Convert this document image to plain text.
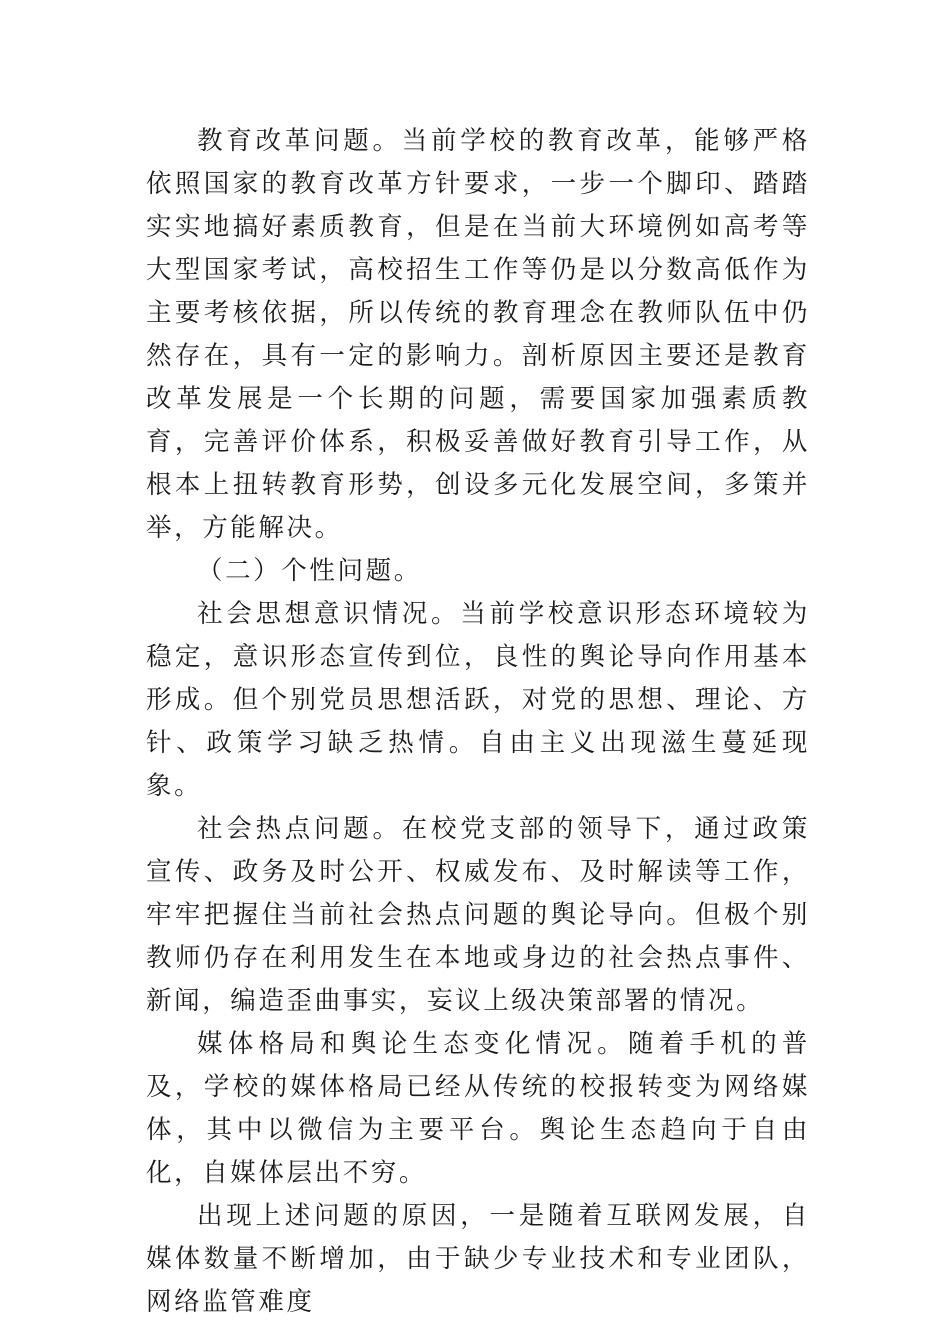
教育改革问题。当前学校的教育改革，能够严格依照国家的教育改革方针要求，一步一个脚印、踏踏实实地搞好素质教育，但是在当前大环境例如高考等大型国家考试，高校招生工作等仍是以分数高低作为主要考核依据，所以传统的教育理念在教师队伍中仍然存在，具有一定的影响力。剖析原因主要还是教育改革发展是一个长期的问题，需要国家加强素质教育，完善评价体系，积极妥善做好教育引导工作，从根本上扭转教育形势，创设多元化发展空间，多策并举，方能解决。

（二）个性问题。

社会思想意识情况。当前学校意识形态环境较为稳定，意识形态宣传到位，良性的舆论导向作用基本形成。但个别党员思想活跃，对党的思想、理论、方针、政策学习缺乏热情。自由主义出现滋生蔓延现象。

社会热点问题。在校党支部的领导下，通过政策宣传、政务及时公开、权威发布、及时解读等工作，牢牢把握住当前社会热点问题的舆论导向。但极个别教师仍存在利用发生在本地或身边的社会热点事件、新闻，编造歪曲事实，妄议上级决策部署的情况。

媒体格局和舆论生态变化情况。随着手机的普及，学校的媒体格局已经从传统的校报转变为网络媒体，其中以微信为主要平台。舆论生态趋向于自由化，自媒体层出不穷。

出现上述问题的原因，一是随着互联网发展，自媒体数量不断增加，由于缺少专业技术和专业团队，网络监管难度
